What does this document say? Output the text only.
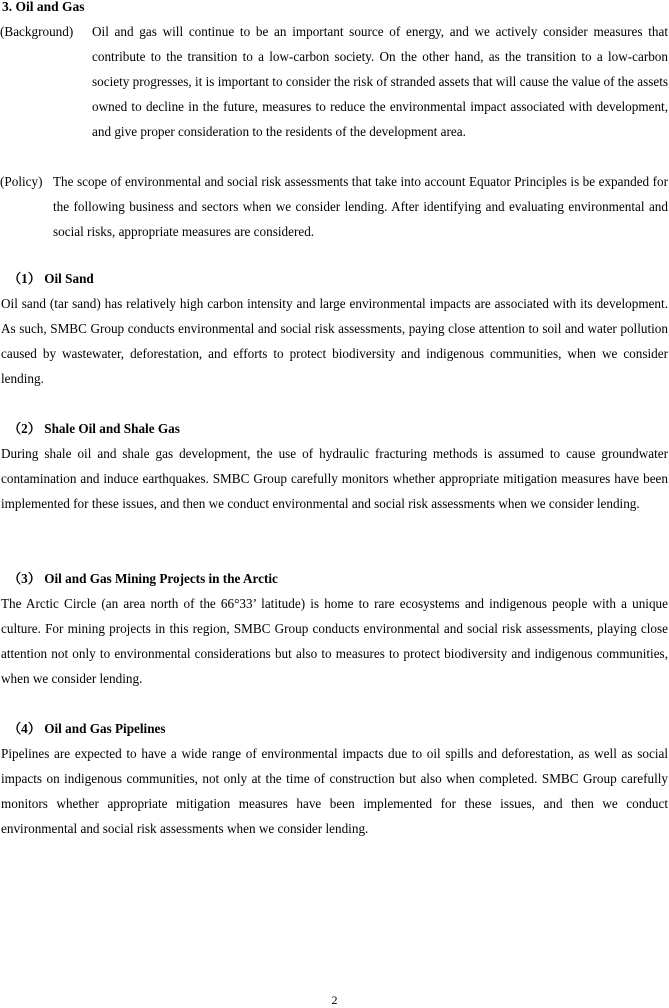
3. Oil and Gas
(Background) Oil and gas will continue to be an important source of energy, and we actively consider measures that contribute to the transition to a low-carbon society. On the other hand, as the transition to a low-carbon society progresses, it is important to consider the risk of stranded assets that will cause the value of the assets owned to decline in the future, measures to reduce the environmental impact associated with development, and give proper consideration to the residents of the development area.

(Policy) The scope of environmental and social risk assessments that take into account Equator Principles is be expanded for the following business and sectors when we consider lending. After identifying and evaluating environmental and social risks, appropriate measures are considered.

（1） Oil Sand

Oil sand (tar sand) has relatively high carbon intensity and large environmental impacts are associated with its development. As such, SMBC Group conducts environmental and social risk assessments, paying close attention to soil and water pollution caused by wastewater, deforestation, and efforts to protect biodiversity and indigenous communities, when we consider lending.

（2） Shale Oil and Shale Gas

During shale oil and shale gas development, the use of hydraulic fracturing methods is assumed to cause groundwater contamination and induce earthquakes. SMBC Group carefully monitors whether appropriate mitigation measures have been implemented for these issues, and then we conduct environmental and social risk assessments when we consider lending.

（3） Oil and Gas Mining Projects in the Arctic

The Arctic Circle (an area north of the 66°33’ latitude) is home to rare ecosystems and indigenous people with a unique culture. For mining projects in this region, SMBC Group conducts environmental and social risk assessments, playing close attention not only to environmental considerations but also to measures to protect biodiversity and indigenous communities, when we consider lending.

（4） Oil and Gas Pipelines

Pipelines are expected to have a wide range of environmental impacts due to oil spills and deforestation, as well as social impacts on indigenous communities, not only at the time of construction but also when completed. SMBC Group carefully monitors whether appropriate mitigation measures have been implemented for these issues, and then we conduct environmental and social risk assessments when we consider lending.

2
